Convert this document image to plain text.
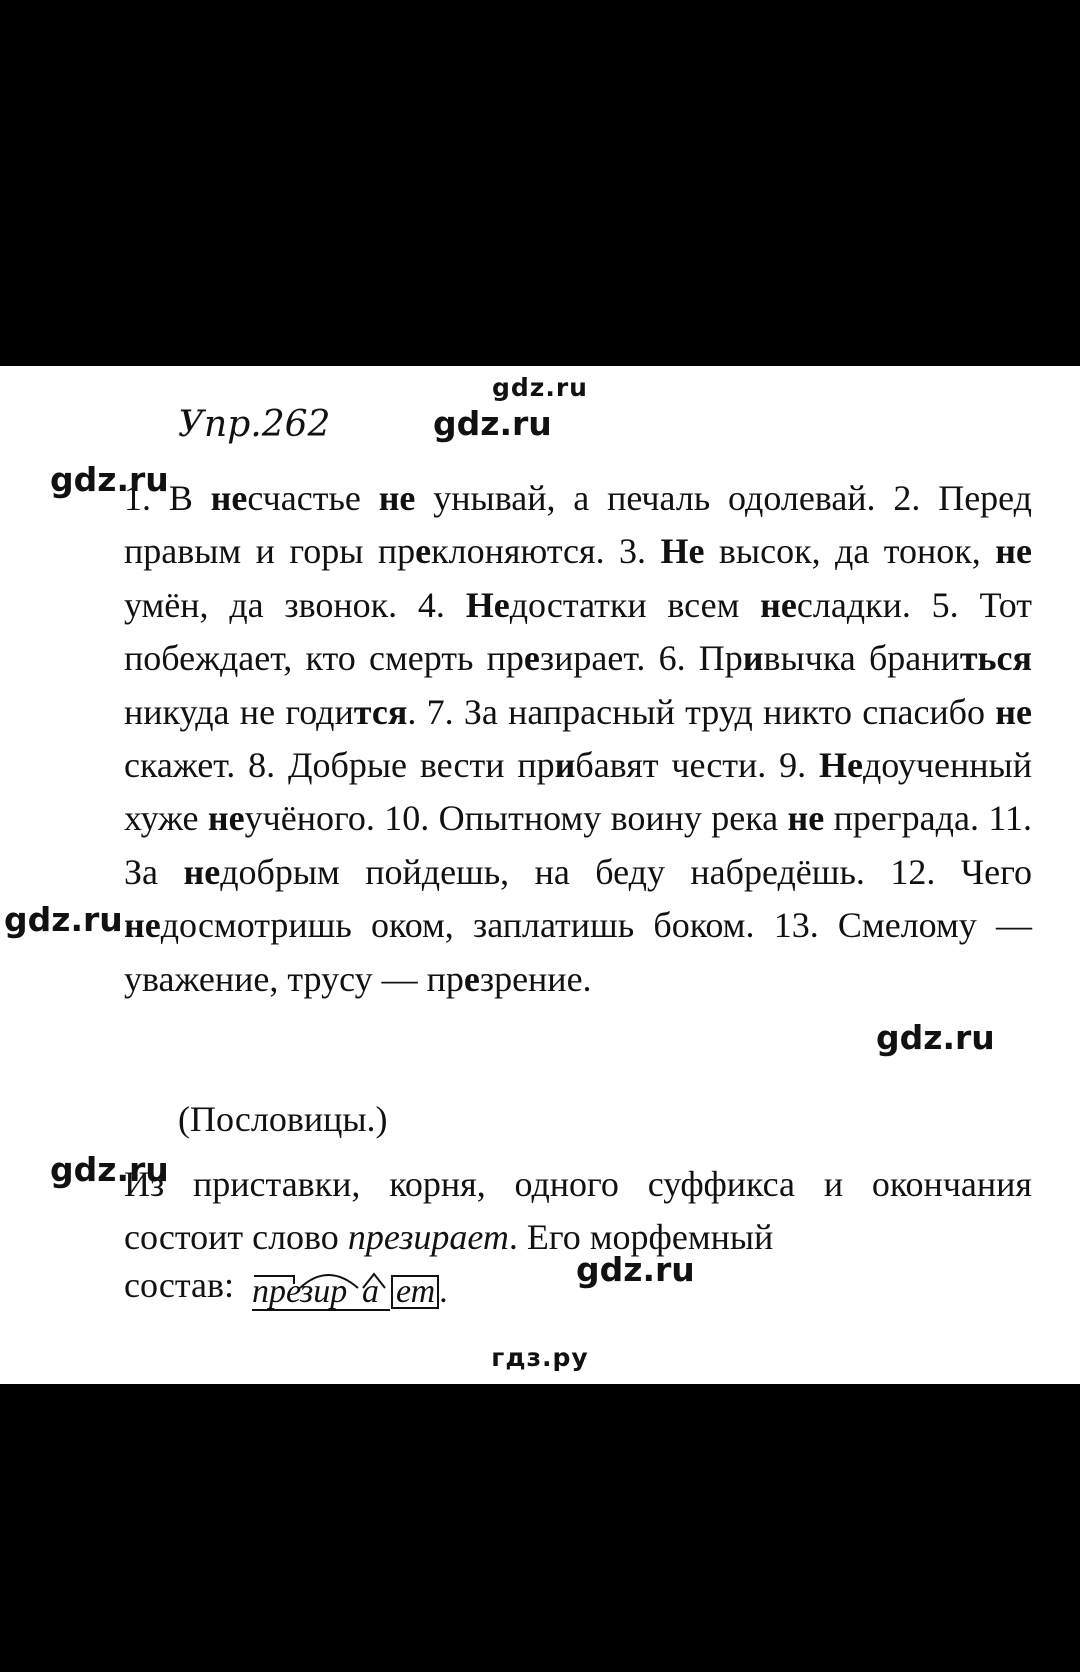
gdz.ru
Упр.262	gdz.ru
gdz.ru
gdz.ru
gdz.ru
gdz.ru
gdz.ru
1. В несчастье не унывай, а печаль одолевай. 2. Перед правым и горы преклоняются. 3. Не высок, да тонок, не умён, да звонок. 4. Недостатки всем несладки. 5. Тот побеждает, кто смерть презирает. 6. Привычка браниться никуда не годится. 7. За напрасный труд никто спасибо не скажет. 8. Добрые вести прибавят чести. 9. Недоученный хуже неучёного. 10. Опытному воину река не преграда. 11. За недобрым пойдешь, на беду набредёшь. 12. Чего недосмотришь оком, заплатишь боком. 13. Смелому — уважение, трусу — презрение.
(Пословицы.)
Из приставки, корня, одного суффикса и окончания состоит слово презирает. Его морфемный
состав: пре
зир а ет .
гдз.ру
